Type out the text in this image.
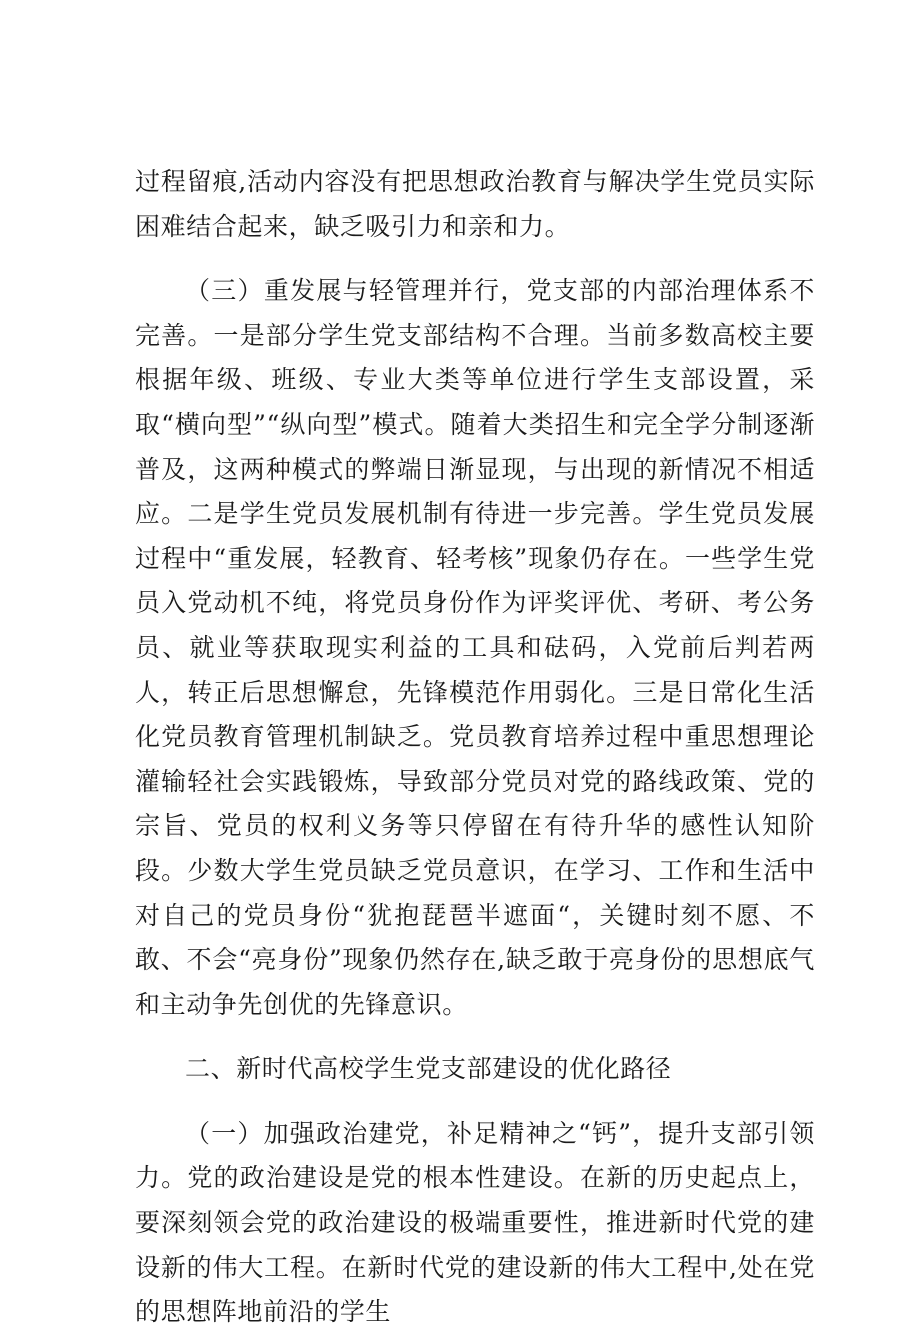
过程留痕,活动内容没有把思想政治教育与解决学生党员实际困难结合起来，缺乏吸引力和亲和力。

（三）重发展与轻管理并行，党支部的内部治理体系不完善。一是部分学生党支部结构不合理。当前多数高校主要根据年级、班级、专业大类等单位进行学生支部设置，采取“横向型”“纵向型”模式。随着大类招生和完全学分制逐渐普及，这两种模式的弊端日渐显现，与出现的新情况不相适应。二是学生党员发展机制有待进一步完善。学生党员发展过程中“重发展，轻教育、轻考核”现象仍存在。一些学生党员入党动机不纯，将党员身份作为评奖评优、考研、考公务员、就业等获取现实利益的工具和砝码，入党前后判若两人，转正后思想懈怠，先锋模范作用弱化。三是日常化生活化党员教育管理机制缺乏。党员教育培养过程中重思想理论灌输轻社会实践锻炼，导致部分党员对党的路线政策、党的宗旨、党员的权利义务等只停留在有待升华的感性认知阶段。少数大学生党员缺乏党员意识，在学习、工作和生活中对自己的党员身份“犹抱琵琶半遮面“，关键时刻不愿、不敢、不会“亮身份”现象仍然存在,缺乏敢于亮身份的思想底气和主动争先创优的先锋意识。

二、新时代高校学生党支部建设的优化路径

（一）加强政治建党，补足精神之“钙”，提升支部引领力。党的政治建设是党的根本性建设。在新的历史起点上，要深刻领会党的政治建设的极端重要性，推进新时代党的建设新的伟大工程。在新时代党的建设新的伟大工程中,处在党的思想阵地前沿的学生
